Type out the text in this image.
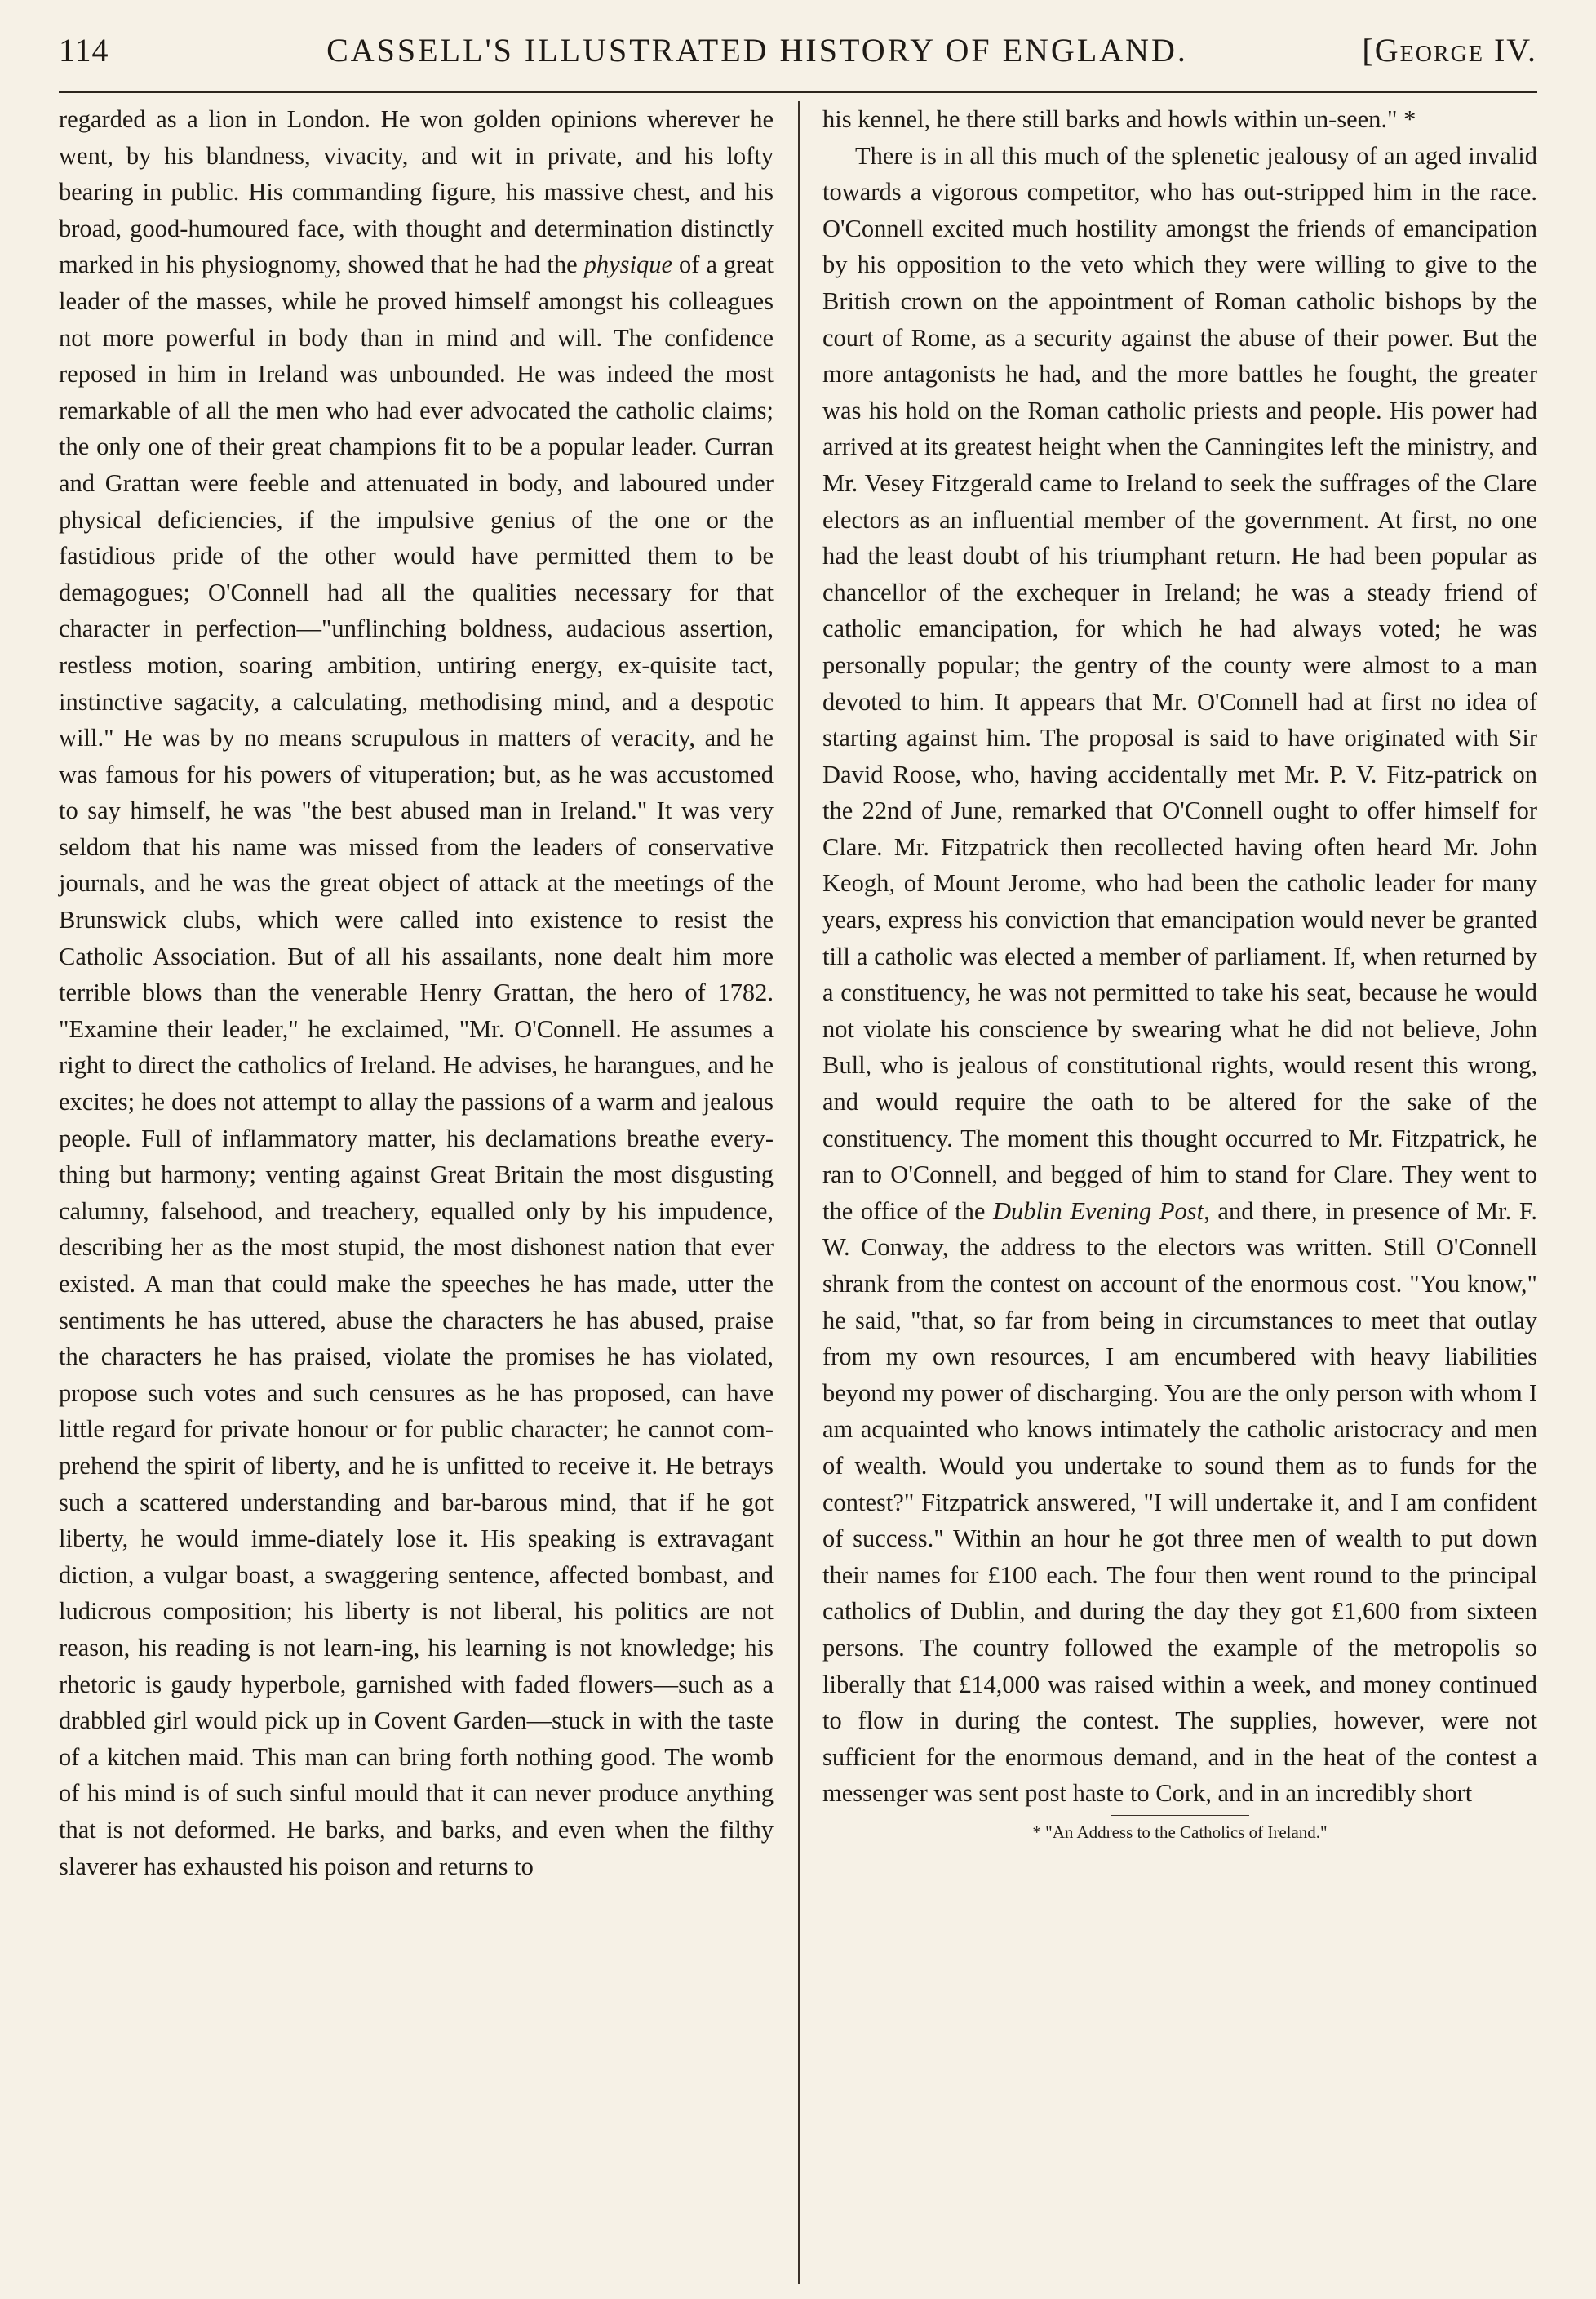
114	CASSELL'S ILLUSTRATED HISTORY OF ENGLAND.	[George IV.

regarded as a lion in London. He won golden opinions wherever he went, by his blandness, vivacity, and wit in private, and his lofty bearing in public. His commanding figure, his massive chest, and his broad, good-humoured face, with thought and determination distinctly marked in his physiognomy, showed that he had the physique of a great leader of the masses, while he proved himself amongst his colleagues not more powerful in body than in mind and will. The confidence reposed in him in Ireland was unbounded. He was indeed the most remarkable of all the men who had ever advocated the catholic claims; the only one of their great champions fit to be a popular leader. Curran and Grattan were feeble and attenuated in body, and laboured under physical deficiencies, if the impulsive genius of the one or the fastidious pride of the other would have permitted them to be demagogues; O'Connell had all the qualities necessary for that character in perfection—"unflinching boldness, audacious assertion, restless motion, soaring ambition, untiring energy, ex-quisite tact, instinctive sagacity, a calculating, methodising mind, and a despotic will." He was by no means scrupulous in matters of veracity, and he was famous for his powers of vituperation; but, as he was accustomed to say himself, he was "the best abused man in Ireland." It was very seldom that his name was missed from the leaders of conservative journals, and he was the great object of attack at the meetings of the Brunswick clubs, which were called into existence to resist the Catholic Association. But of all his assailants, none dealt him more terrible blows than the venerable Henry Grattan, the hero of 1782. "Examine their leader," he exclaimed, "Mr. O'Connell. He assumes a right to direct the catholics of Ireland. He advises, he harangues, and he excites; he does not attempt to allay the passions of a warm and jealous people. Full of inflammatory matter, his declamations breathe every-thing but harmony; venting against Great Britain the most disgusting calumny, falsehood, and treachery, equalled only by his impudence, describing her as the most stupid, the most dishonest nation that ever existed. A man that could make the speeches he has made, utter the sentiments he has uttered, abuse the characters he has abused, praise the characters he has praised, violate the promises he has violated, propose such votes and such censures as he has proposed, can have little regard for private honour or for public character; he cannot com-prehend the spirit of liberty, and he is unfitted to receive it. He betrays such a scattered understanding and bar-barous mind, that if he got liberty, he would imme-diately lose it. His speaking is extravagant diction, a vulgar boast, a swaggering sentence, affected bombast, and ludicrous composition; his liberty is not liberal, his politics are not reason, his reading is not learn-ing, his learning is not knowledge; his rhetoric is gaudy hyperbole, garnished with faded flowers—such as a drabbled girl would pick up in Covent Garden—stuck in with the taste of a kitchen maid. This man can bring forth nothing good. The womb of his mind is of such sinful mould that it can never produce anything that is not deformed. He barks, and barks, and even when the filthy slaverer has exhausted his poison and returns to

his kennel, he there still barks and howls within un-seen." *

There is in all this much of the splenetic jealousy of an aged invalid towards a vigorous competitor, who has out-stripped him in the race. O'Connell excited much hostility amongst the friends of emancipation by his opposition to the veto which they were willing to give to the British crown on the appointment of Roman catholic bishops by the court of Rome, as a security against the abuse of their power. But the more antagonists he had, and the more battles he fought, the greater was his hold on the Roman catholic priests and people. His power had arrived at its greatest height when the Canningites left the ministry, and Mr. Vesey Fitzgerald came to Ireland to seek the suffrages of the Clare electors as an influential member of the government. At first, no one had the least doubt of his triumphant return. He had been popular as chancellor of the exchequer in Ireland; he was a steady friend of catholic emancipation, for which he had always voted; he was personally popular; the gentry of the county were almost to a man devoted to him. It appears that Mr. O'Connell had at first no idea of starting against him. The proposal is said to have originated with Sir David Roose, who, having accidentally met Mr. P. V. Fitz-patrick on the 22nd of June, remarked that O'Connell ought to offer himself for Clare. Mr. Fitzpatrick then recollected having often heard Mr. John Keogh, of Mount Jerome, who had been the catholic leader for many years, express his conviction that emancipation would never be granted till a catholic was elected a member of parliament. If, when returned by a constituency, he was not permitted to take his seat, because he would not violate his conscience by swearing what he did not believe, John Bull, who is jealous of constitutional rights, would resent this wrong, and would require the oath to be altered for the sake of the constituency. The moment this thought occurred to Mr. Fitzpatrick, he ran to O'Connell, and begged of him to stand for Clare. They went to the office of the Dublin Evening Post, and there, in presence of Mr. F. W. Conway, the address to the electors was written. Still O'Connell shrank from the contest on account of the enormous cost. "You know," he said, "that, so far from being in circumstances to meet that outlay from my own resources, I am encumbered with heavy liabilities beyond my power of discharging. You are the only person with whom I am acquainted who knows intimately the catholic aristocracy and men of wealth. Would you undertake to sound them as to funds for the contest?" Fitzpatrick answered, "I will undertake it, and I am confident of success." Within an hour he got three men of wealth to put down their names for £100 each. The four then went round to the principal catholics of Dublin, and during the day they got £1,600 from sixteen persons. The country followed the example of the metropolis so liberally that £14,000 was raised within a week, and money continued to flow in during the contest. The supplies, however, were not sufficient for the enormous demand, and in the heat of the contest a messenger was sent post haste to Cork, and in an incredibly short

* "An Address to the Catholics of Ireland."
